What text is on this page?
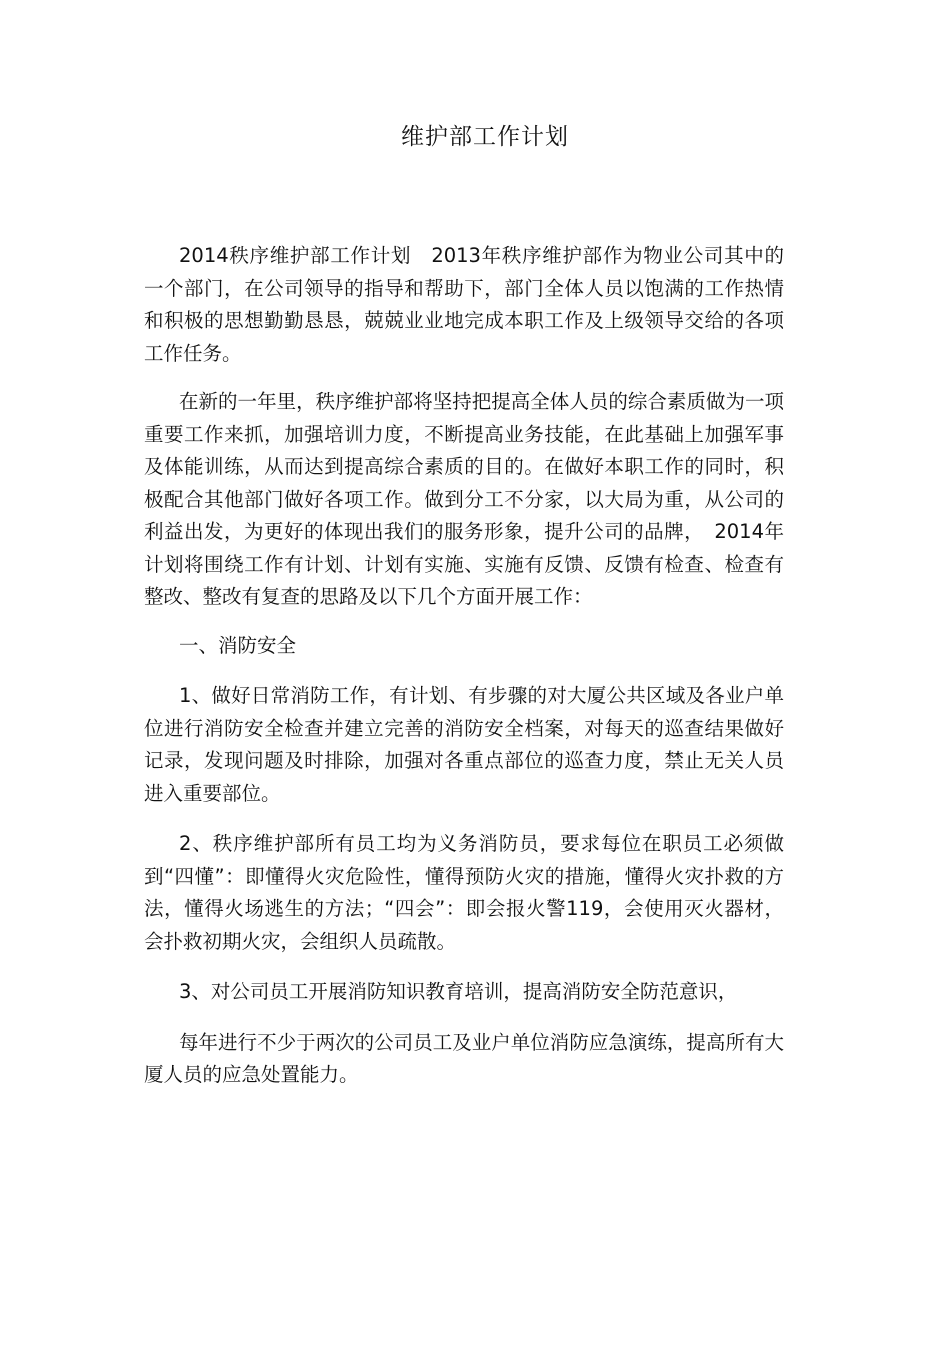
维护部工作计划

2014秩序维护部工作计划　2013年秩序维护部作为物业公司其中的一个部门，在公司领导的指导和帮助下，部门全体人员以饱满的工作热情和积极的思想勤勤恳恳，兢兢业业地完成本职工作及上级领导交给的各项工作任务。

在新的一年里，秩序维护部将坚持把提高全体人员的综合素质做为一项重要工作来抓，加强培训力度，不断提高业务技能，在此基础上加强军事及体能训练，从而达到提高综合素质的目的。在做好本职工作的同时，积极配合其他部门做好各项工作。做到分工不分家，以大局为重，从公司的利益出发，为更好的体现出我们的服务形象，提升公司的品牌，　2014年计划将围绕工作有计划、计划有实施、实施有反馈、反馈有检查、检查有整改、整改有复查的思路及以下几个方面开展工作：

一、消防安全

1、做好日常消防工作，有计划、有步骤的对大厦公共区域及各业户单位进行消防安全检查并建立完善的消防安全档案，对每天的巡查结果做好记录，发现问题及时排除，加强对各重点部位的巡查力度，禁止无关人员进入重要部位。

2、秩序维护部所有员工均为义务消防员，要求每位在职员工必须做到“四懂”：即懂得火灾危险性，懂得预防火灾的措施，懂得火灾扑救的方法，懂得火场逃生的方法；“四会”：即会报火警119，会使用灭火器材，会扑救初期火灾，会组织人员疏散。

3、对公司员工开展消防知识教育培训，提高消防安全防范意识，

每年进行不少于两次的公司员工及业户单位消防应急演练，提高所有大厦人员的应急处置能力。
